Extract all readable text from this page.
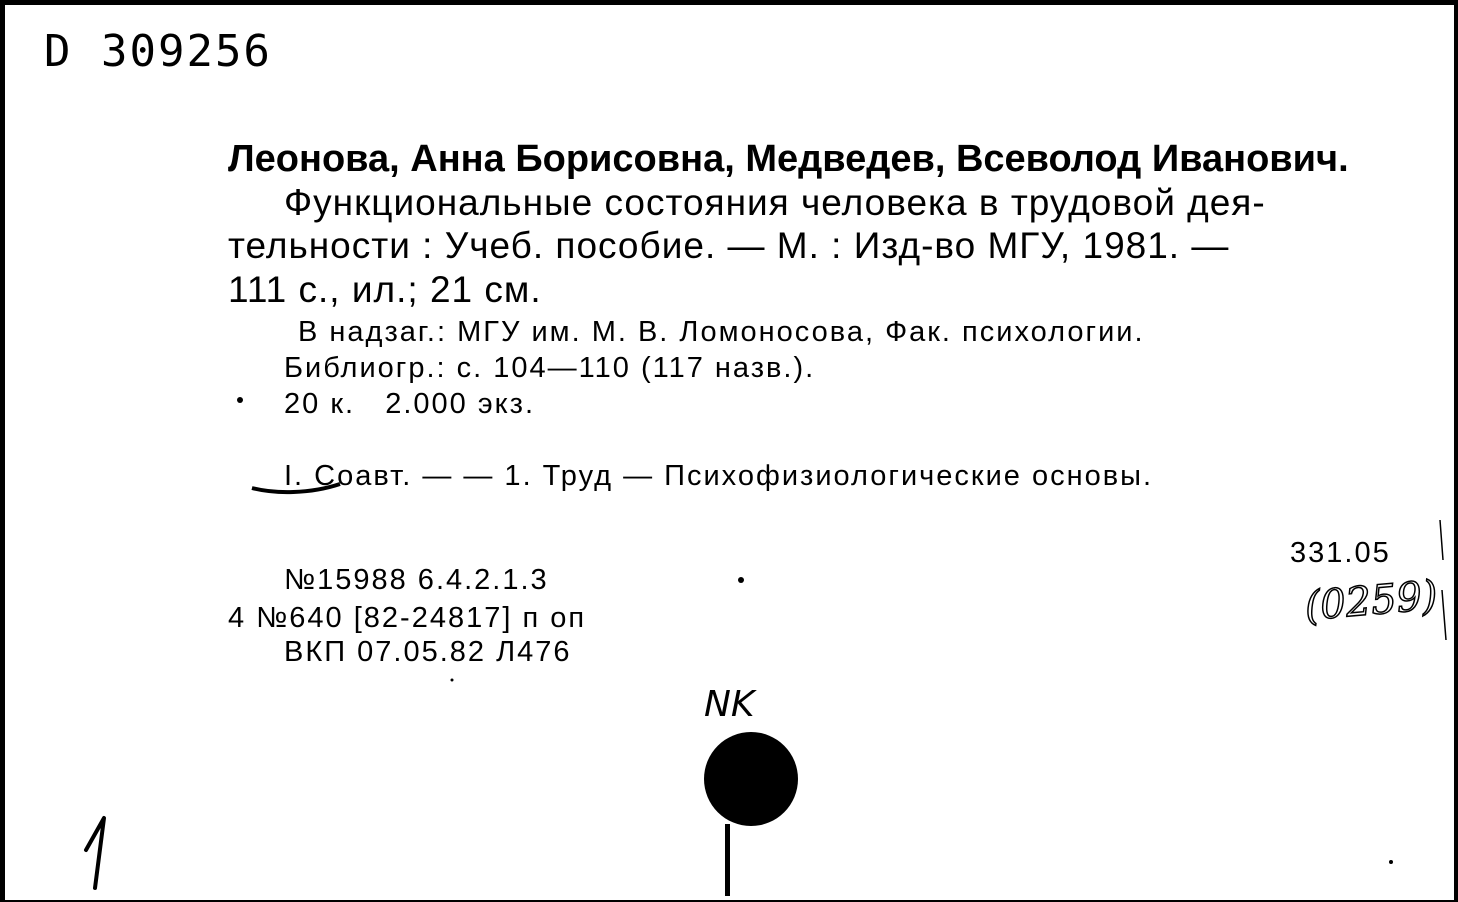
D 309256
Леонова, Анна Борисовна, Медведев, Всеволод Иванович.
Функциональные состояния человека в трудовой дея-
тельности : Учеб. пособие. — М. : Изд-во МГУ, 1981. —
111 с., ил.; 21 см.
В надзаг.: МГУ им. М. В. Ломоносова, Фак. психологии.
Библиогр.: с. 104—110 (117 назв.).
20 к.   2.000 экз.
I. Соавт. — — 1. Труд — Психофизиологические основы.
331.05
№15988 6.4.2.1.3
4 №640 [82-24817] п оп
ВКП 07.05.82 Л476
(0259)
NK
